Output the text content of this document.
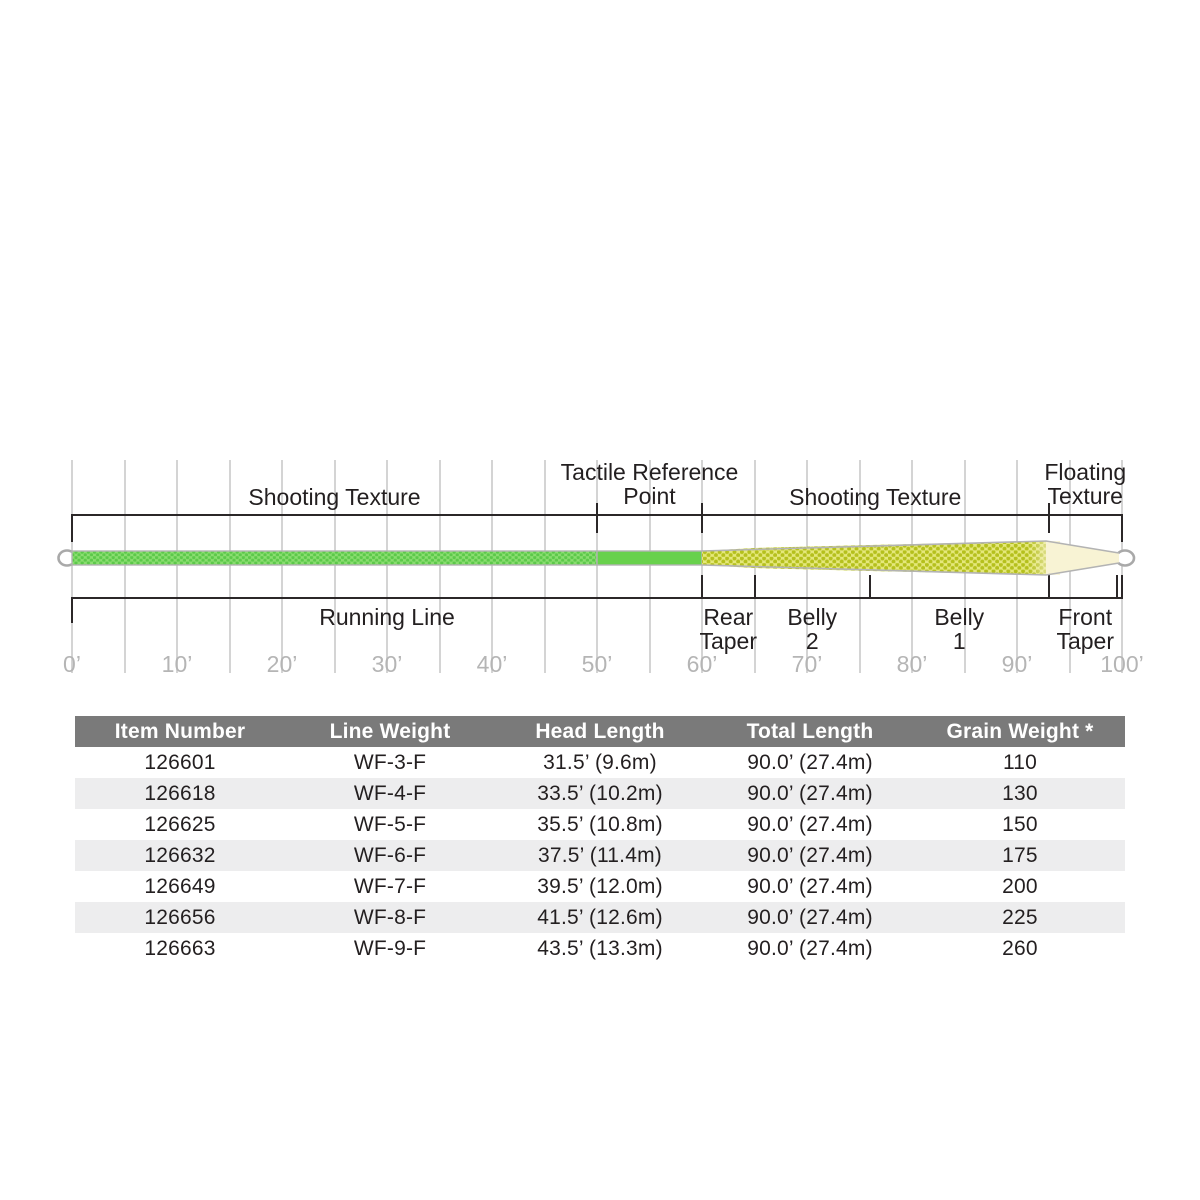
Shooting Texture
Tactile Reference
Point	Shooting Texture
Floating
Texture
Running Line	Rear
Taper
Belly
2
Belly
1
Front
Taper
0’	10’	20’	30’	40’	50’	60’	70’	80’	90’	100’
Item Number	Line Weight	Head Length	Total Length	Grain Weight *
126601	WF-3-F	31.5’ (9.6m)	90.0’ (27.4m)	110
126618	WF-4-F	33.5’ (10.2m)	90.0’ (27.4m)	130
126625	WF-5-F	35.5’ (10.8m)	90.0’ (27.4m)	150
126632	WF-6-F	37.5’ (11.4m)	90.0’ (27.4m)	175
126649	WF-7-F	39.5’ (12.0m)	90.0’ (27.4m)	200
126656	WF-8-F	41.5’ (12.6m)	90.0’ (27.4m)	225
126663	WF-9-F	43.5’ (13.3m)	90.0’ (27.4m)	260
